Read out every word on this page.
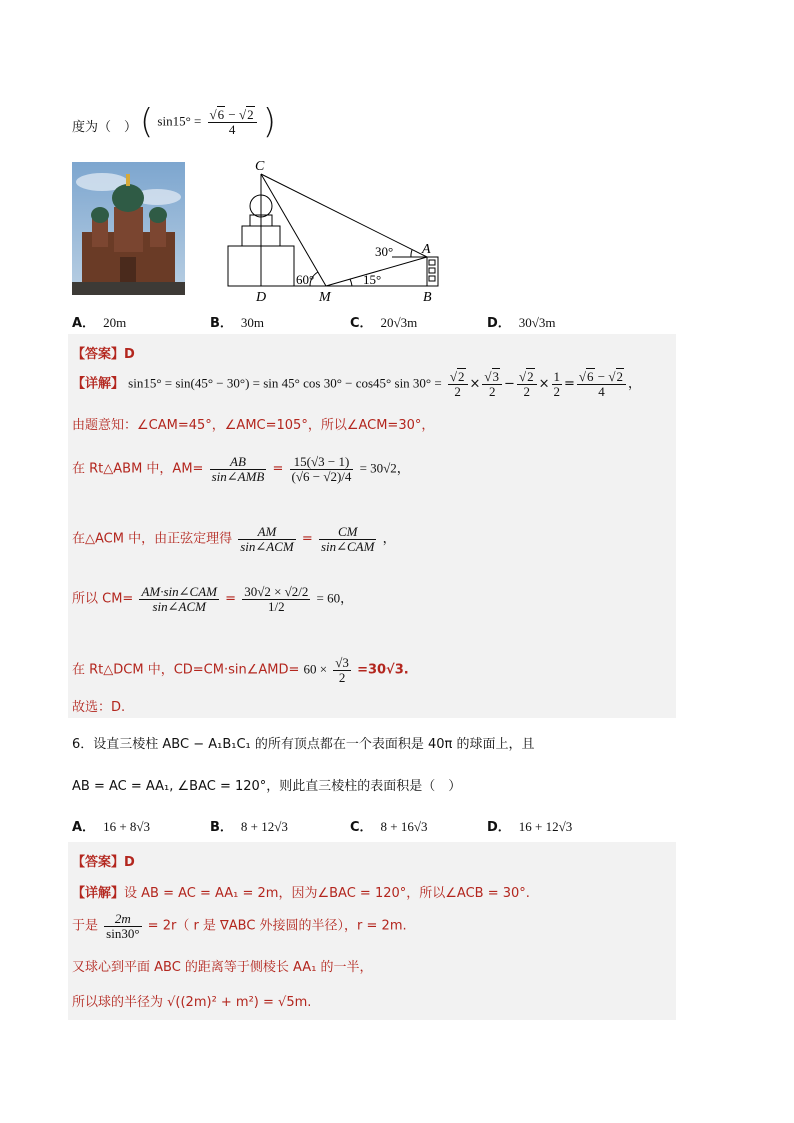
度为（　） ( $\sin 15^\circ = \frac{√6 - √2}{4}$ )
C
A
D	M	B
30°
60°	15°
A． 20m	B． 30m	C． 20√3m	D． 30√3m
【答案】D
【详解】 sin15° = sin(45° − 30°) = sin 45° cos 30° − cos45° $\sin 30^\circ = \frac{√2}{2} \times \frac{√3}{2} - \frac{√2}{2} \times \frac{1}{2} = \frac{√6 - √2}{4}$ ，
由题意知：∠CAM=45°，∠AMC=105°，所以∠ACM=30°，
在 Rt△ABM 中，$AM= \frac{AB}{\text{sin∠AMB}} = \frac{15(√3 - 1)}{(√6 - √2)/4} = 30√2$，
在△ACM 中，由正弦定理得 $\frac{AM}{\text{sin∠ACM}} = \frac{CM}{\text{sin∠CAM}}$ ，
所以 $CM= \frac{\text{AM·sin∠CAM}}{\text{sin∠ACM}} = \frac{30√2 \times √2/2}{1/2} = 60$，
在 Rt△DCM 中，CD=CM·sin∠AMD= $60 \times \frac{√3}{2} =30√3$.
故选：D.
6．设直三棱柱 ABC − A₁B₁C₁ 的所有顶点都在一个表面积是 40π 的球面上，且
AB = AC = AA₁, ∠BAC = 120°，则此直三棱柱的表面积是（　）
A． 16 + 8√3	B． 8 + 12√3	C． 8 + 16√3	D． 16 + 12√3
【答案】D
【详解】设 AB = AC = AA₁ = 2m，因为∠BAC = 120°，所以∠ACB = 30°.
于是 $\frac{2m}{\sin 30^\circ} = 2r$（ r 是 ∇ABC 外接圆的半径），r = 2m.
又球心到平面 ABC 的距离等于侧棱长 AA₁ 的一半，
所以球的半径为 √((2m)² + m²) = √5m.
